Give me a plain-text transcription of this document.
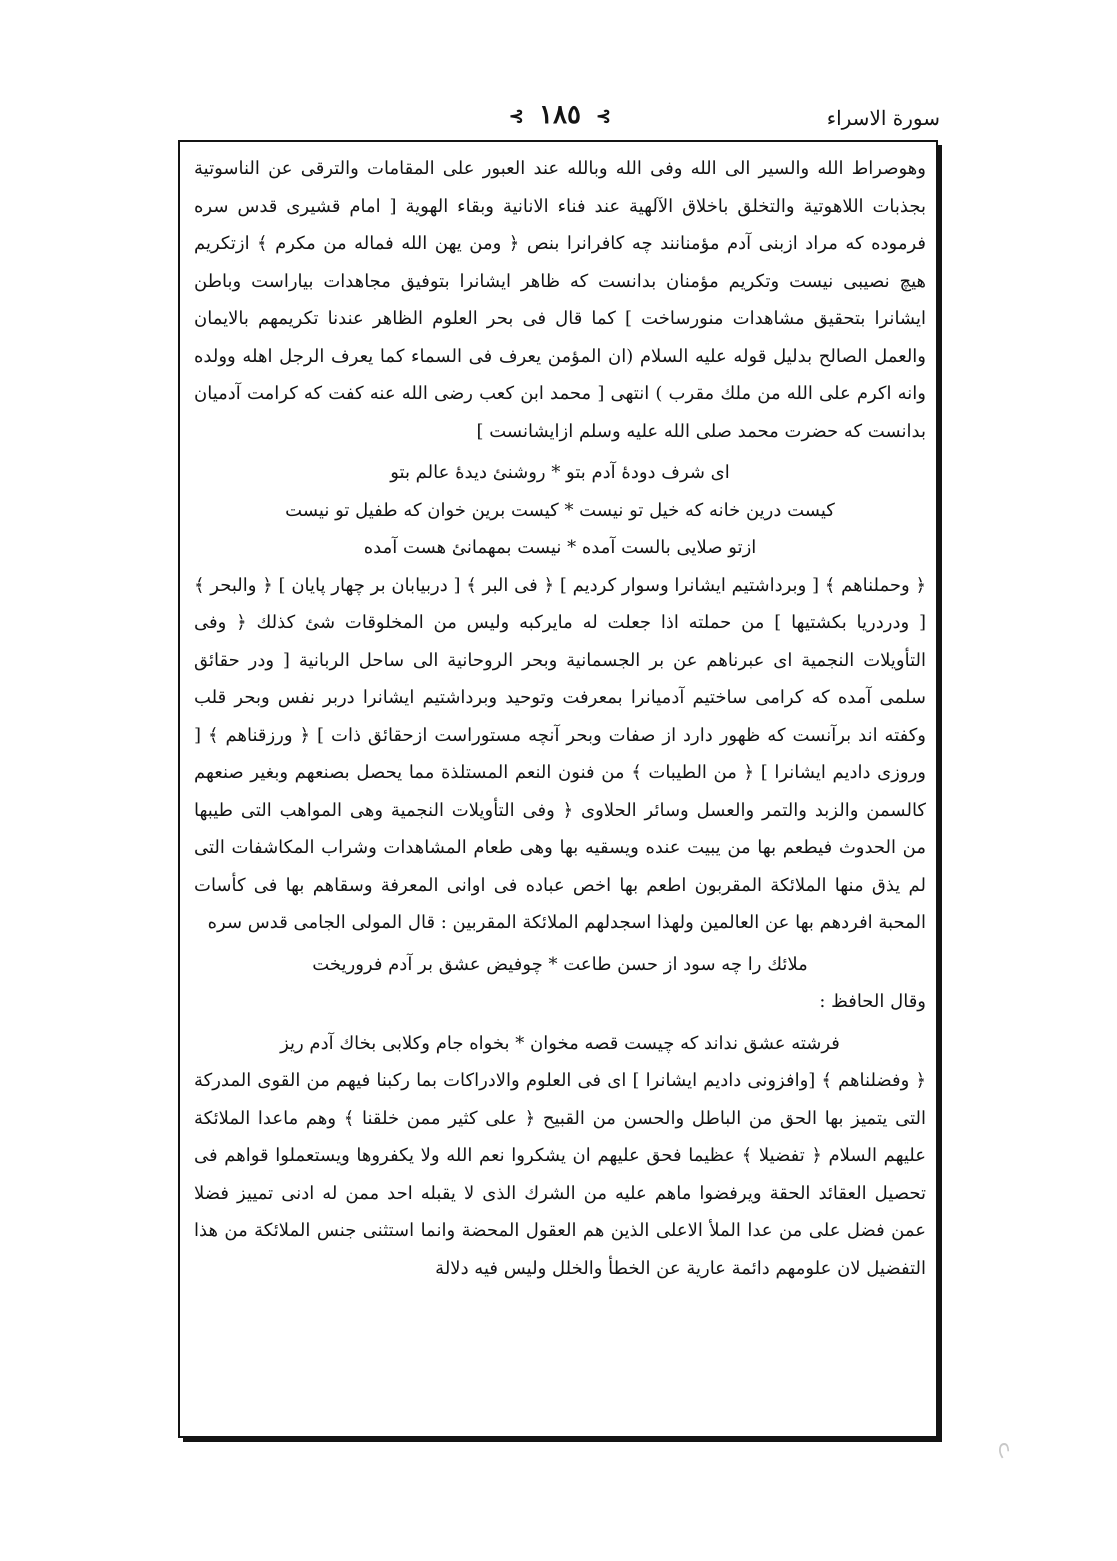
⊰ ١٨٥ ⊰	سورة الاسراء

وهوصراط الله والسير الى الله وفى الله وبالله عند العبور على المقامات والترقى عن الناسوتية بجذبات اللاهوتية والتخلق باخلاق الآلهية عند فناء الانانية وبقاء الهوية [ امام قشيرى قدس سره فرموده كه مراد ازبنى آدم مؤمنانند چه كافرانرا بنص ﴿ ومن يهن الله فماله من مكرم ﴾ ازتكريم هيچ نصيبى نيست وتكريم مؤمنان بدانست كه ظاهر ايشانرا بتوفيق مجاهدات بياراست وباطن ايشانرا بتحقيق مشاهدات منورساخت ] كما قال فى بحر العلوم الظاهر عندنا تكريمهم بالايمان والعمل الصالح بدليل قوله عليه السلام (ان المؤمن يعرف فى السماء كما يعرف الرجل اهله وولده وانه اكرم على الله من ملك مقرب ) انتهى [ محمد ابن كعب رضى الله عنه كفت كه كرامت آدميان بدانست كه حضرت محمد صلى الله عليه وسلم ازايشانست ]

اى شرف دودهٔ آدم بتو * روشنئ ديدهٔ عالم بتو

كيست درين خانه كه خيل تو نيست * كيست برين خوان كه طفيل تو نيست

ازتو صلايى بالست آمده * نيست بمهمانئ هست آمده

﴿ وحملناهم ﴾ [ وبرداشتيم ايشانرا وسوار كرديم ] ﴿ فى البر ﴾ [ دربيابان بر چهار پايان ] ﴿ والبحر ﴾ [ ودردريا بكشتيها ] من حملته اذا جعلت له مايركبه وليس من المخلوقات شئ كذلك ﴿ وفى التأويلات النجمية اى عبرناهم عن بر الجسمانية وبحر الروحانية الى ساحل الربانية [ ودر حقائق سلمى آمده كه كرامى ساختيم آدميانرا بمعرفت وتوحيد وبرداشتيم ايشانرا دربر نفس وبحر قلب وكفته اند برآنست كه ظهور دارد از صفات وبحر آنچه مستوراست ازحقائق ذات ] ﴿ ورزقناهم ﴾ [ وروزى داديم ايشانرا ] ﴿ من الطيبات ﴾ من فنون النعم المستلذة مما يحصل بصنعهم وبغير صنعهم كالسمن والزبد والتمر والعسل وسائر الحلاوى ﴿ وفى التأويلات النجمية وهى المواهب التى طيبها من الحدوث فيطعم بها من يبيت عنده ويسقيه بها وهى طعام المشاهدات وشراب المكاشفات التى لم يذق منها الملائكة المقربون اطعم بها اخص عباده فى اوانى المعرفة وسقاهم بها فى كأسات المحبة افردهم بها عن العالمين ولهذا اسجدلهم الملائكة المقربين : قال المولى الجامى قدس سره

ملائك را چه سود از حسن طاعت * چوفيض عشق بر آدم فروريخت

وقال الحافظ :

فرشته عشق نداند كه چيست قصه مخوان * بخواه جام وكلابى بخاك آدم ريز

﴿ وفضلناهم ﴾ [وافزونى داديم ايشانرا ] اى فى العلوم والادراكات بما ركبنا فيهم من القوى المدركة التى يتميز بها الحق من الباطل والحسن من القبيح ﴿ على كثير ممن خلقنا ﴾ وهم ماعدا الملائكة عليهم السلام ﴿ تفضيلا ﴾ عظيما فحق عليهم ان يشكروا نعم الله ولا يكفروها ويستعملوا قواهم فى تحصيل العقائد الحقة ويرفضوا ماهم عليه من الشرك الذى لا يقبله احد ممن له ادنى تمييز فضلا عمن فضل على من عدا الملأ الاعلى الذين هم العقول المحضة وانما استثنى جنس الملائكة من هذا التفضيل لان علومهم دائمة عارية عن الخطأ والخلل وليس فيه دلالة

ᢉ
